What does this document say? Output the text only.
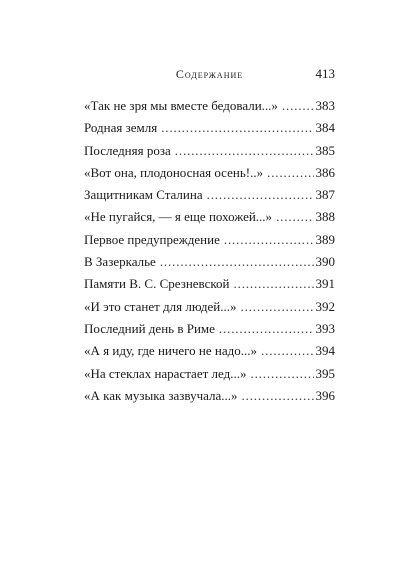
Содержание	413
«Так не зря мы вместе бедовали...» . . .	383
Родная земля . . .	384
Последняя роза . . .	385
«Вот она, плодоносная осень!..» . . .	386
Защитникам Сталина . . .	387
«Не пугайся, — я еще похожей...» . . .	388
Первое предупреждение . . .	389
В Зазеркалье . . .	390
Памяти В. С. Срезневской . . .	391
«И это станет для людей...» . . .	392
Последний день в Риме . . .	393
«А я иду, где ничего не надо...» . . .	394
«На стеклах нарастает лед...» . . .	395
«А как музыка зазвучала...» . . .	396
